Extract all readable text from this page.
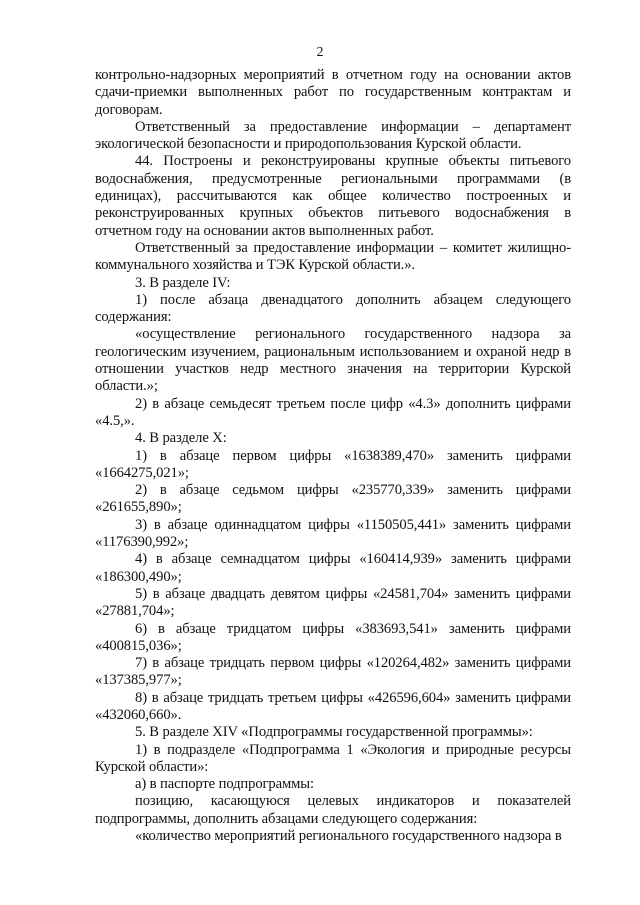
2

контрольно-надзорных мероприятий в отчетном году на основании актов сдачи-приемки выполненных работ по государственным контрактам и договорам.

Ответственный за предоставление информации – департамент экологической безопасности и природопользования Курской области.

44. Построены и реконструированы крупные объекты питьевого водоснабжения, предусмотренные региональными программами (в единицах), рассчитываются как общее количество построенных и реконструированных крупных объектов питьевого водоснабжения в отчетном году на основании актов выполненных работ.

Ответственный за предоставление информации – комитет жилищно-коммунального хозяйства и ТЭК Курской области.».

3. В разделе IV:

1) после абзаца двенадцатого дополнить абзацем следующего содержания:

«осуществление регионального государственного надзора за геологическим изучением, рациональным использованием и охраной недр в отношении участков недр местного значения на территории Курской области.»;

2) в абзаце семьдесят третьем после цифр «4.3» дополнить цифрами «4.5,».

4. В разделе X:

1) в абзаце первом цифры «1638389,470» заменить цифрами «1664275,021»;

2) в абзаце седьмом цифры «235770,339» заменить цифрами «261655,890»;

3) в абзаце одиннадцатом цифры «1150505,441» заменить цифрами «1176390,992»;

4) в абзаце семнадцатом цифры «160414,939» заменить цифрами «186300,490»;

5) в абзаце двадцать девятом цифры «24581,704» заменить цифрами «27881,704»;

6) в абзаце тридцатом цифры «383693,541» заменить цифрами «400815,036»;

7) в абзаце тридцать первом цифры «120264,482» заменить цифрами «137385,977»;

8) в абзаце тридцать третьем цифры «426596,604» заменить цифрами «432060,660».

5. В разделе XIV «Подпрограммы государственной программы»:

1) в подразделе «Подпрограмма 1 «Экология и природные ресурсы Курской области»:

а) в паспорте подпрограммы:

позицию, касающуюся целевых индикаторов и показателей подпрограммы, дополнить абзацами следующего содержания:

«количество мероприятий регионального государственного надзора в
